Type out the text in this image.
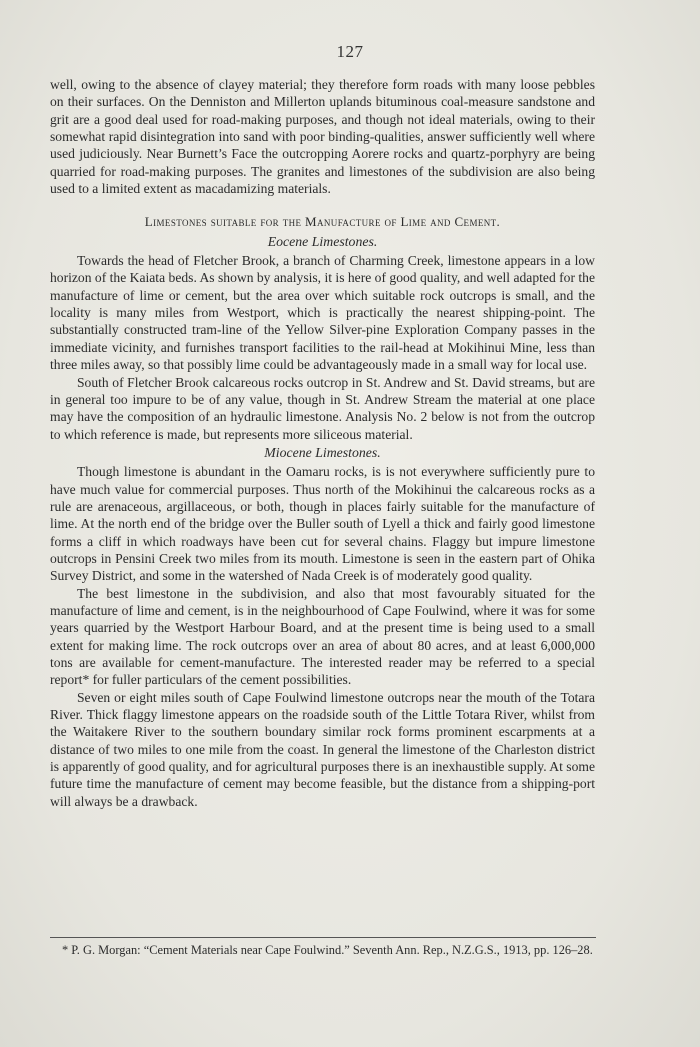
127

well, owing to the absence of clayey material; they therefore form roads with many loose pebbles on their surfaces. On the Denniston and Millerton uplands bituminous coal-measure sandstone and grit are a good deal used for road-making purposes, and though not ideal materials, owing to their somewhat rapid disintegration into sand with poor binding-qualities, answer sufficiently well where used judiciously. Near Burnett’s Face the outcropping Aorere rocks and quartz-porphyry are being quarried for road-making purposes. The granites and limestones of the subdivision are also being used to a limited extent as macadamizing materials.

Limestones suitable for the Manufacture of Lime and Cement.
Eocene Limestones.

Towards the head of Fletcher Brook, a branch of Charming Creek, limestone appears in a low horizon of the Kaiata beds. As shown by analysis, it is here of good quality, and well adapted for the manufacture of lime or cement, but the area over which suitable rock outcrops is small, and the locality is many miles from Westport, which is practically the nearest shipping-point. The substantially constructed tram-line of the Yellow Silver-pine Exploration Company passes in the immediate vicinity, and furnishes transport facilities to the rail-head at Mokihinui Mine, less than three miles away, so that possibly lime could be advantageously made in a small way for local use.

South of Fletcher Brook calcareous rocks outcrop in St. Andrew and St. David streams, but are in general too impure to be of any value, though in St. Andrew Stream the material at one place may have the composition of an hydraulic limestone. Analysis No. 2 below is not from the outcrop to which reference is made, but represents more siliceous material.

Miocene Limestones.

Though limestone is abundant in the Oamaru rocks, is is not everywhere sufficiently pure to have much value for commercial purposes. Thus north of the Mokihinui the calcareous rocks as a rule are arenaceous, argillaceous, or both, though in places fairly suitable for the manufacture of lime. At the north end of the bridge over the Buller south of Lyell a thick and fairly good limestone forms a cliff in which roadways have been cut for several chains. Flaggy but impure limestone outcrops in Pensini Creek two miles from its mouth. Limestone is seen in the eastern part of Ohika Survey District, and some in the watershed of Nada Creek is of moderately good quality.

The best limestone in the subdivision, and also that most favourably situated for the manufacture of lime and cement, is in the neighbourhood of Cape Foulwind, where it was for some years quarried by the Westport Harbour Board, and at the present time is being used to a small extent for making lime. The rock outcrops over an area of about 80 acres, and at least 6,000,000 tons are available for cement-manufacture. The interested reader may be referred to a special report* for fuller particulars of the cement possibilities.

Seven or eight miles south of Cape Foulwind limestone outcrops near the mouth of the Totara River. Thick flaggy limestone appears on the roadside south of the Little Totara River, whilst from the Waitakere River to the southern boundary similar rock forms prominent escarpments at a distance of two miles to one mile from the coast. In general the limestone of the Charleston district is apparently of good quality, and for agricultural purposes there is an inexhaustible supply. At some future time the manufacture of cement may become feasible, but the distance from a shipping-port will always be a drawback.

* P. G. Morgan: “Cement Materials near Cape Foulwind.” Seventh Ann. Rep., N.Z.G.S., 1913, pp. 126–28.
